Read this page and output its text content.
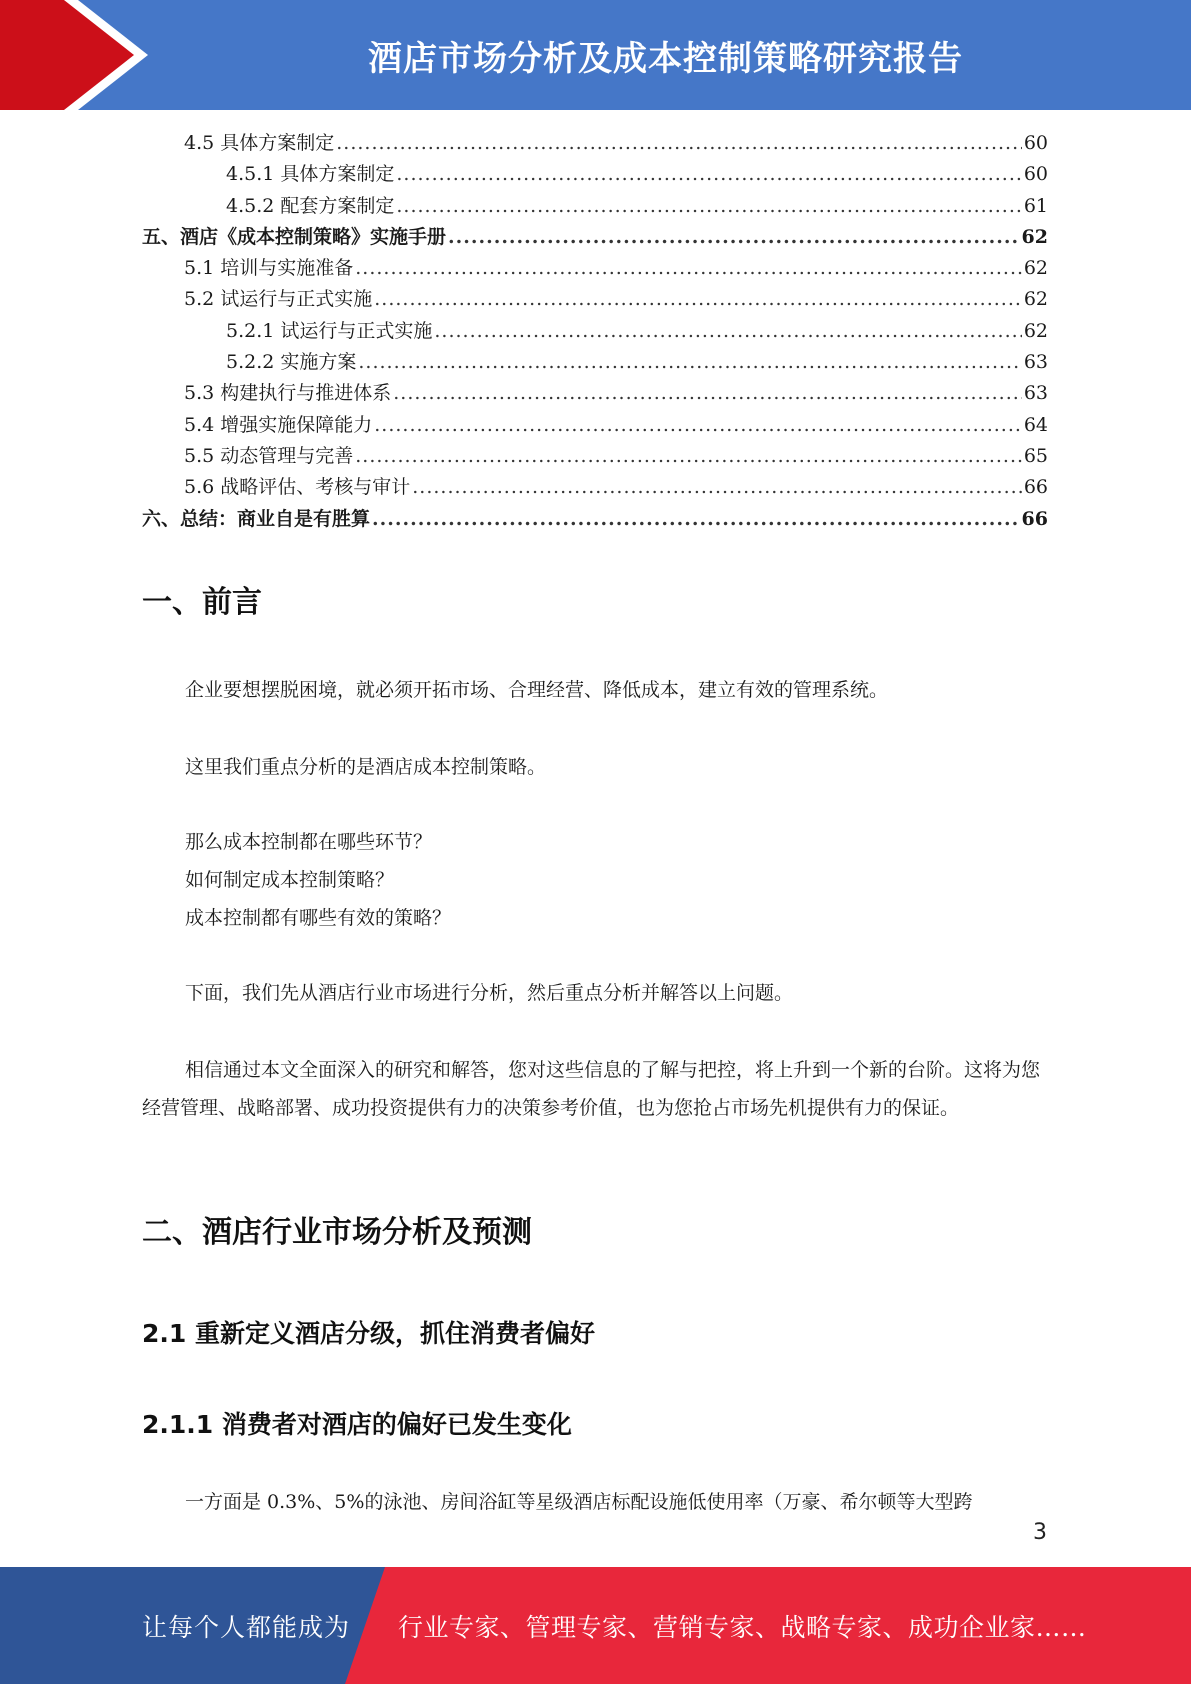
酒店市场分析及成本控制策略研究报告
4.5 具体方案制定 .....	60
4.5.1 具体方案制定 .....	60
4.5.2 配套方案制定 .....	61
五、酒店《成本控制策略》实施手册 .....	62
5.1 培训与实施准备 .....	62
5.2 试运行与正式实施 .....	62
5.2.1 试运行与正式实施 .....	62
5.2.2 实施方案 .....	63
5.3 构建执行与推进体系 .....	63
5.4 增强实施保障能力 .....	64
5.5 动态管理与完善 .....	65
5.6 战略评估、考核与审计 .....	66
六、总结：商业自是有胜算 .....	66
一、前言

企业要想摆脱困境，就必须开拓市场、合理经营、降低成本，建立有效的管理系统。

这里我们重点分析的是酒店成本控制策略。

那么成本控制都在哪些环节？

如何制定成本控制策略？

成本控制都有哪些有效的策略？

下面，我们先从酒店行业市场进行分析，然后重点分析并解答以上问题。

相信通过本文全面深入的研究和解答，您对这些信息的了解与把控，将上升到一个新的台阶。这将为您经营管理、战略部署、成功投资提供有力的决策参考价值，也为您抢占市场先机提供有力的保证。

二、酒店行业市场分析及预测
2.1 重新定义酒店分级，抓住消费者偏好
2.1.1 消费者对酒店的偏好已发生变化

一方面是 0.3%、5%的泳池、房间浴缸等星级酒店标配设施低使用率（万豪、希尔顿等大型跨

3
让每个人都能成为 行业专家、管理专家、营销专家、战略专家、成功企业家……
